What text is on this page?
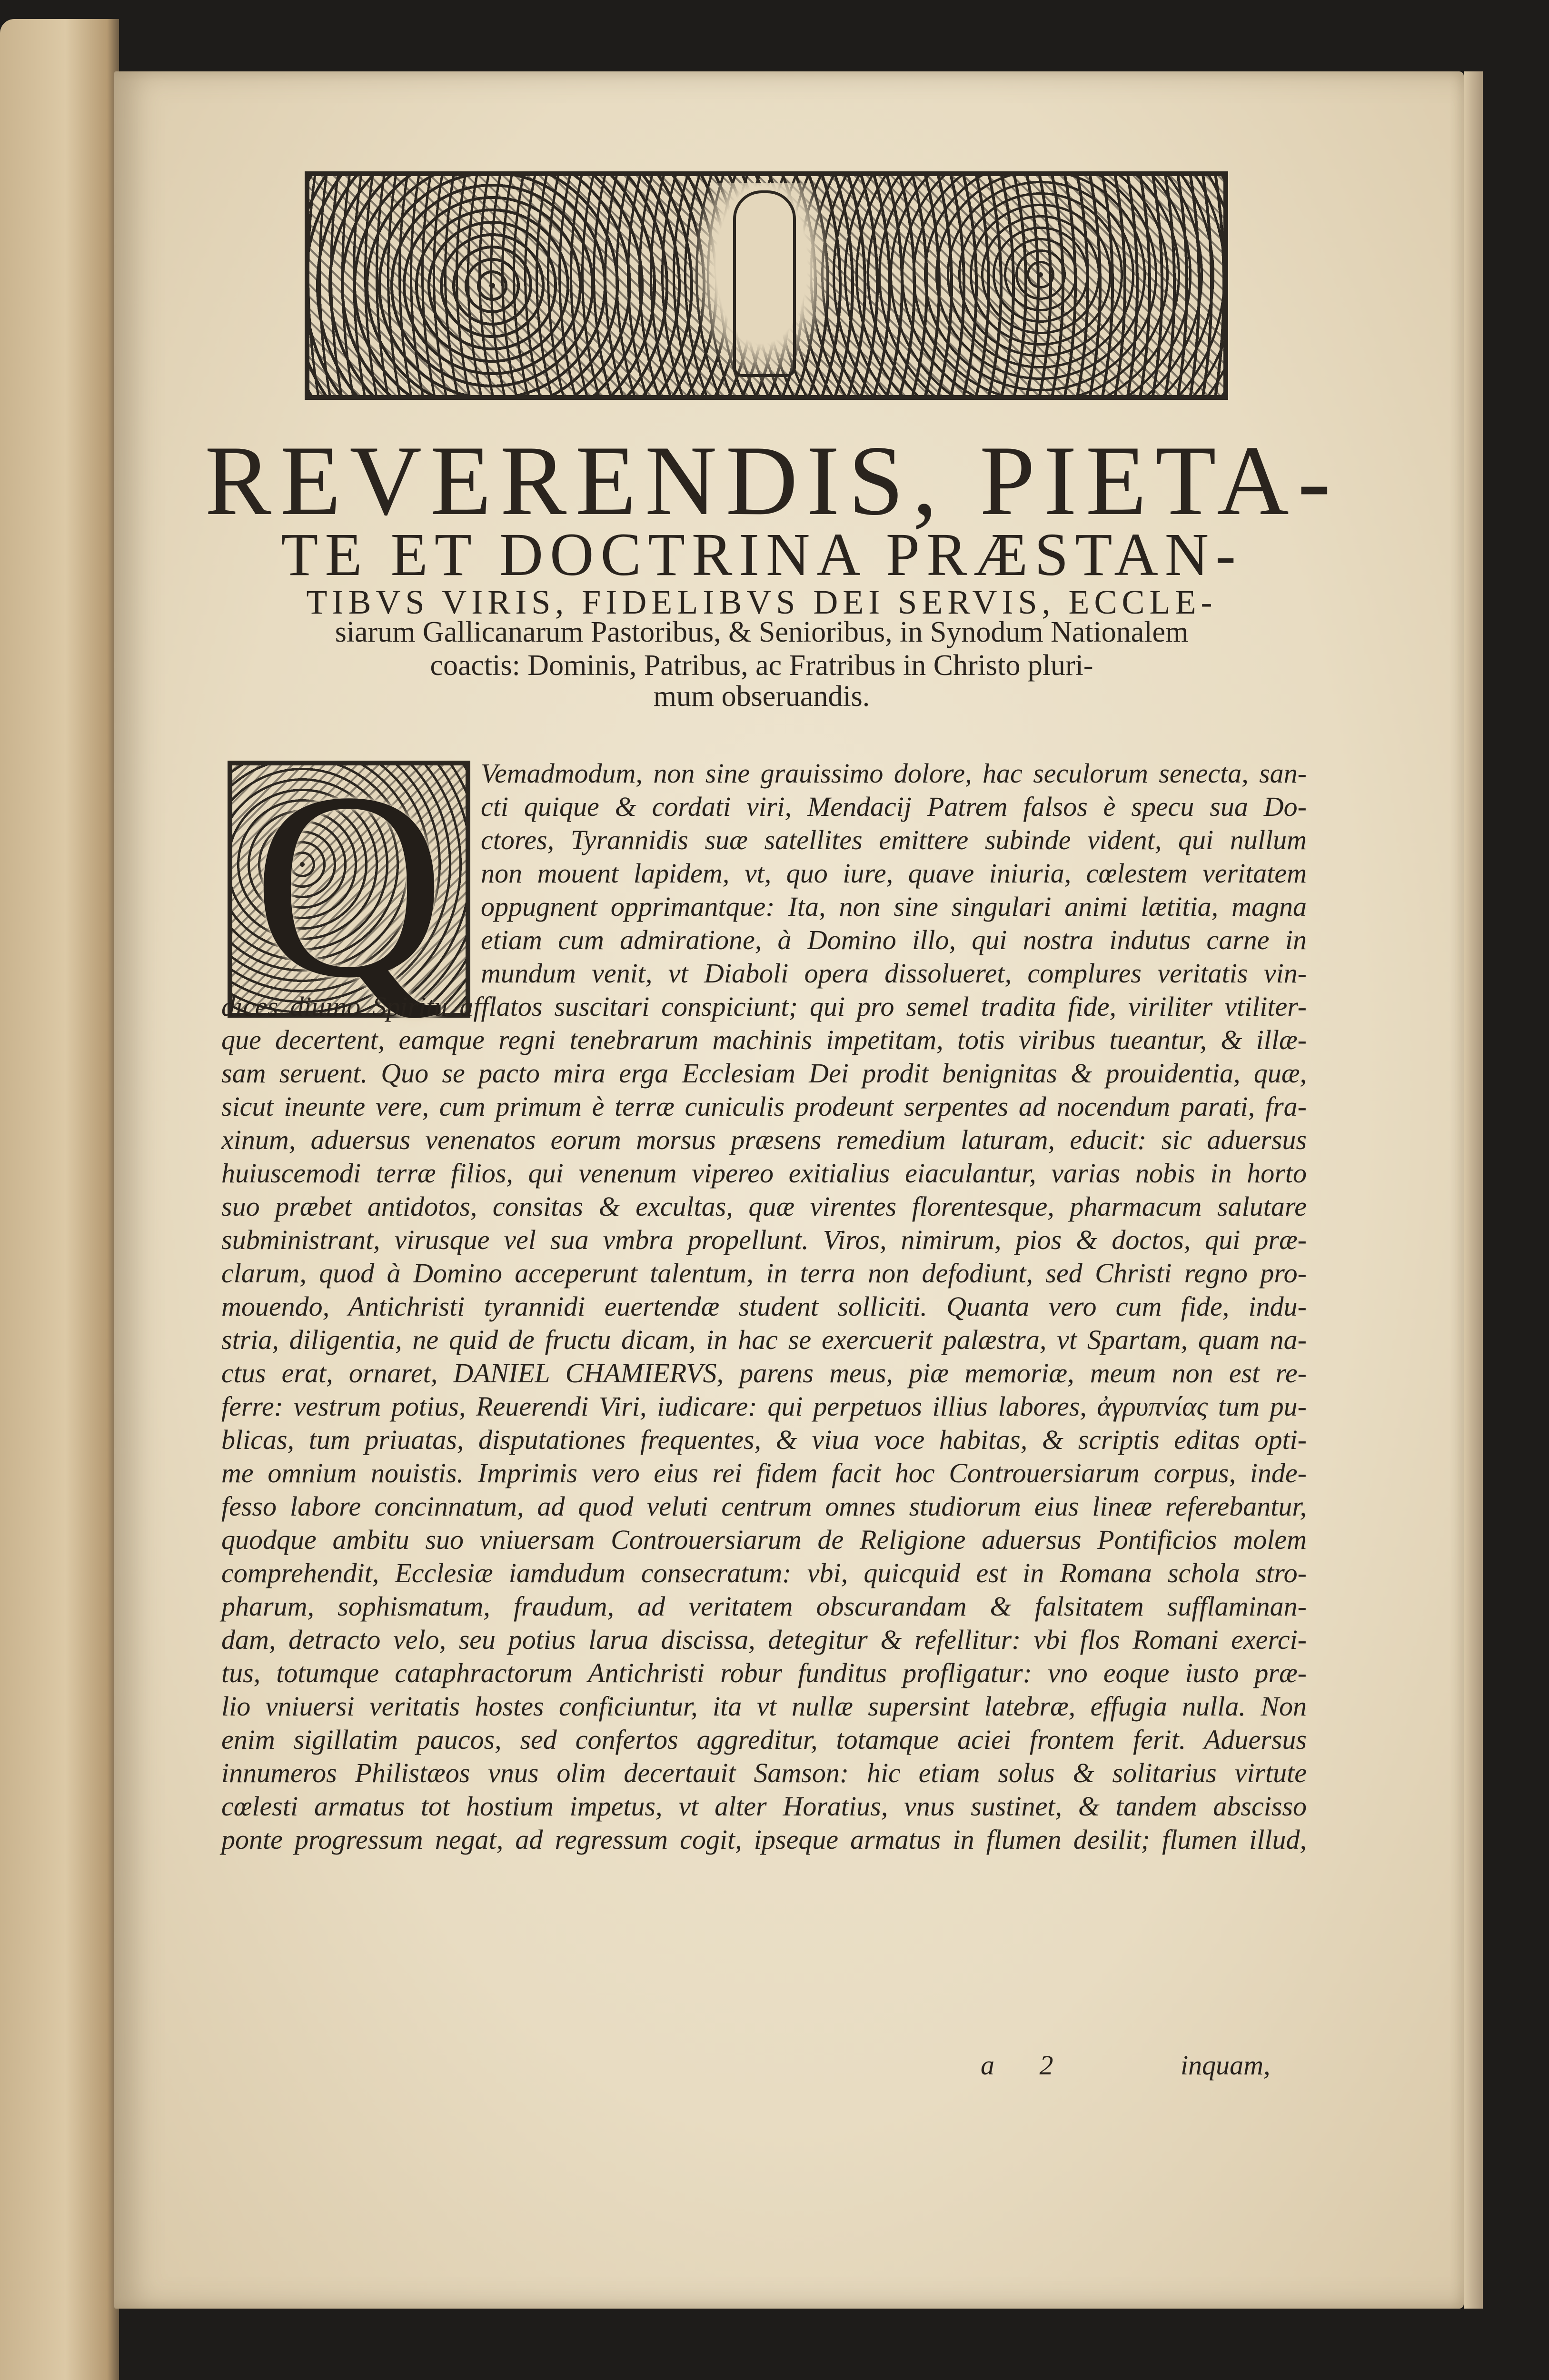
REVERENDIS, PIETA-
TE ET DOCTRINA PRÆSTAN-
TIBVS VIRIS, FIDELIBVS DEI SERVIS, ECCLE-
siarum Gallicanarum Pastoribus, & Senioribus, in Synodum Nationalem
coactis: Dominis, Patribus, ac Fratribus in Christo pluri-
mum obseruandis.
Q	Vemadmodum, non sine grauissimo dolore, hac seculorum senecta, san-
cti quique & cordati viri, Mendacij Patrem falsos è specu sua Do-
ctores, Tyrannidis suæ satellites emittere subinde vident, qui nullum
non mouent lapidem, vt, quo iure, quave iniuria, cœlestem veritatem
oppugnent opprimantque: Ita, non sine singulari animi lætitia, magna
etiam cum admiratione, à Domino illo, qui nostra indutus carne in
mundum venit, vt Diaboli opera dissolueret, complures veritatis vin-
dices diuino Spiritu afflatos suscitari conspiciunt; qui pro semel tradita fide, viriliter vtiliter-
que decertent, eamque regni tenebrarum machinis impetitam, totis viribus tueantur, & illæ-
sam seruent. Quo se pacto mira erga Ecclesiam Dei prodit benignitas & prouidentia, quæ,
sicut ineunte vere, cum primum è terræ cuniculis prodeunt serpentes ad nocendum parati, fra-
xinum, aduersus venenatos eorum morsus præsens remedium laturam, educit: sic aduersus
huiuscemodi terræ filios, qui venenum vipereo exitialius eiaculantur, varias nobis in horto
suo præbet antidotos, consitas & excultas, quæ virentes florentesque, pharmacum salutare
subministrant, virusque vel sua vmbra propellunt. Viros, nimirum, pios & doctos, qui præ-
clarum, quod à Domino acceperunt talentum, in terra non defodiunt, sed Christi regno pro-
mouendo, Antichristi tyrannidi euertendæ student solliciti. Quanta vero cum fide, indu-
stria, diligentia, ne quid de fructu dicam, in hac se exercuerit palæstra, vt Spartam, quam na-
ctus erat, ornaret, DANIEL CHAMIERVS, parens meus, piæ memoriæ, meum non est re-
ferre: vestrum potius, Reuerendi Viri, iudicare: qui perpetuos illius labores, ἀγρυπνίας tum pu-
blicas, tum priuatas, disputationes frequentes, & viua voce habitas, & scriptis editas opti-
me omnium nouistis. Imprimis vero eius rei fidem facit hoc Controuersiarum corpus, inde-
fesso labore concinnatum, ad quod veluti centrum omnes studiorum eius lineæ referebantur,
quodque ambitu suo vniuersam Controuersiarum de Religione aduersus Pontificios molem
comprehendit, Ecclesiæ iamdudum consecratum: vbi, quicquid est in Romana schola stro-
pharum, sophismatum, fraudum, ad veritatem obscurandam & falsitatem sufflaminan-
dam, detracto velo, seu potius larua discissa, detegitur & refellitur: vbi flos Romani exerci-
tus, totumque cataphractorum Antichristi robur funditus profligatur: vno eoque iusto præ-
lio vniuersi veritatis hostes conficiuntur, ita vt nullæ supersint latebræ, effugia nulla. Non
enim sigillatim paucos, sed confertos aggreditur, totamque aciei frontem ferit. Aduersus
innumeros Philistæos vnus olim decertauit Samson: hic etiam solus & solitarius virtute
cœlesti armatus tot hostium impetus, vt alter Horatius, vnus sustinet, & tandem abscisso
ponte progressum negat, ad regressum cogit, ipseque armatus in flumen desilit; flumen illud,
a 2	inquam,
